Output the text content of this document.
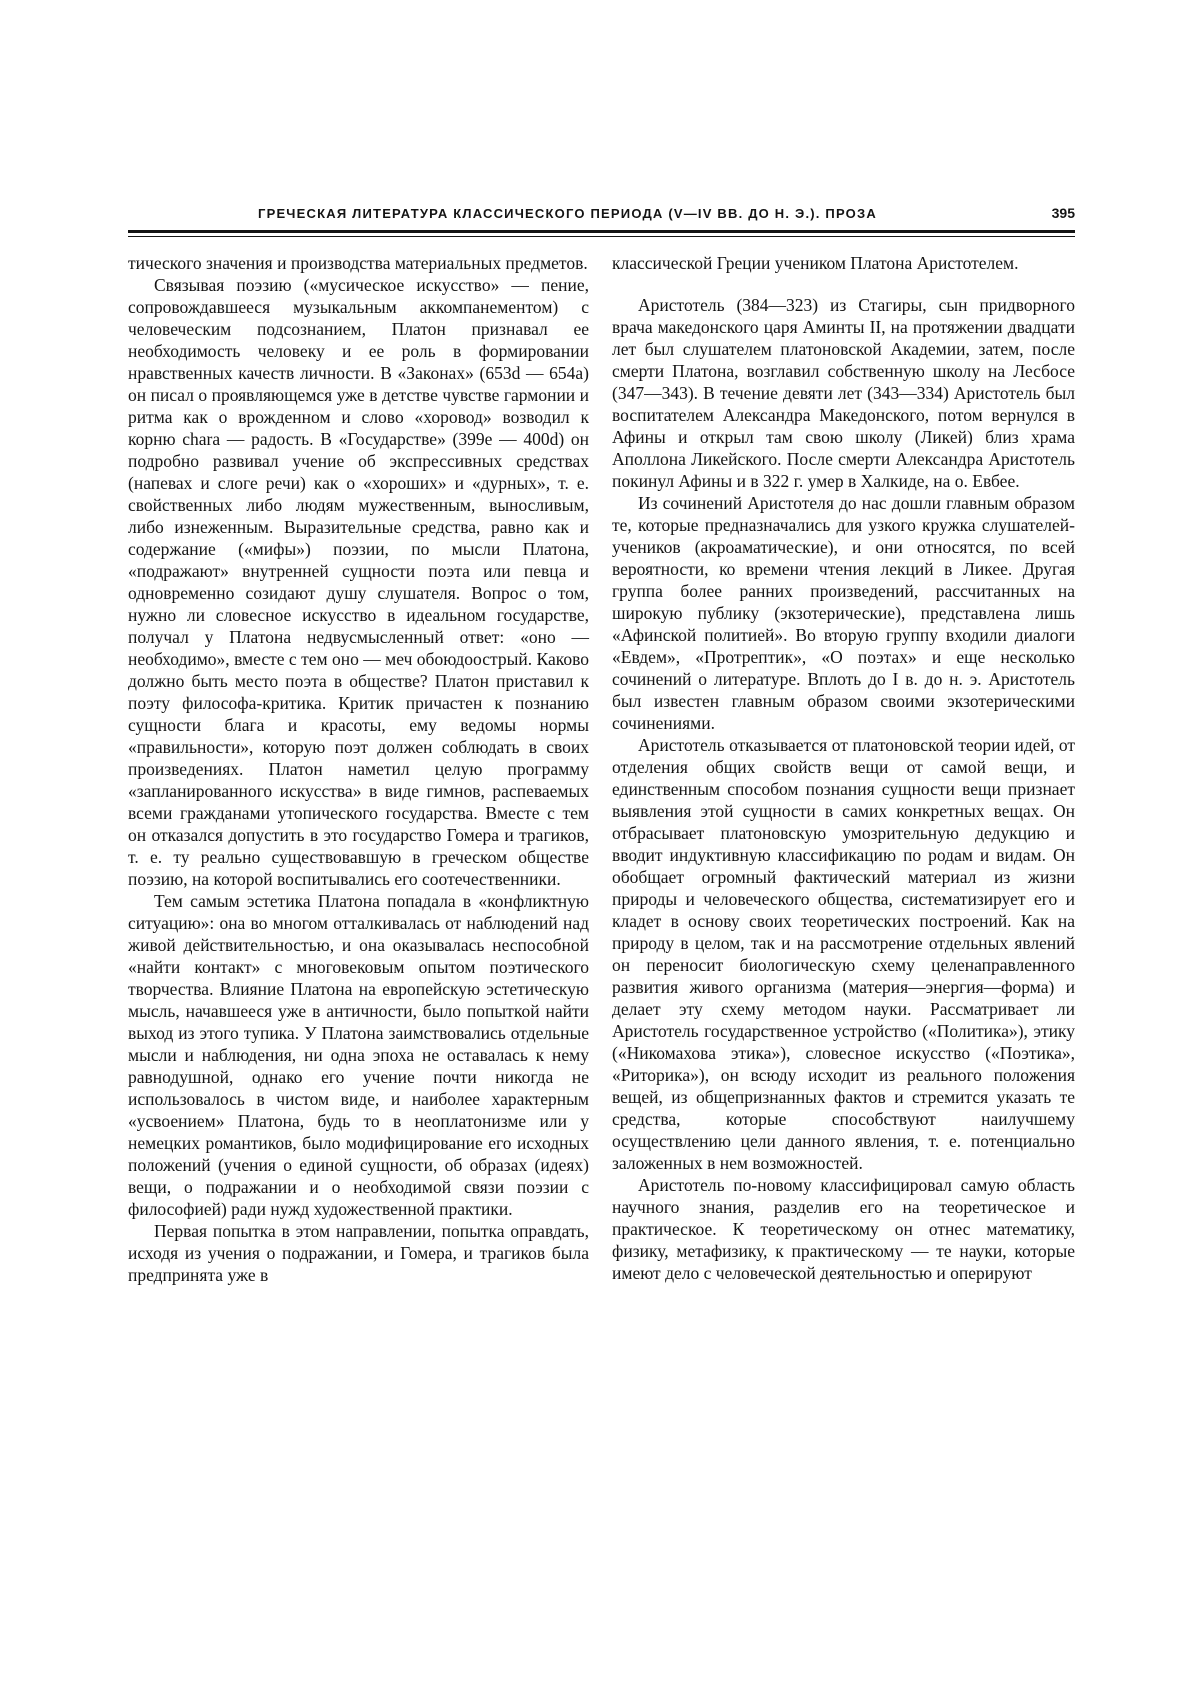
ГРЕЧЕСКАЯ ЛИТЕРАТУРА КЛАССИЧЕСКОГО ПЕРИОДА (V—IV ВВ. ДО Н. Э.). ПРОЗА	395

тического значения и производства материальных предметов.

Связывая поэзию («мусическое искусство» — пение, сопровождавшееся музыкальным аккомпанементом) с человеческим подсознанием, Платон признавал ее необходимость человеку и ее роль в формировании нравственных качеств личности. В «Законах» (653d — 654a) он писал о проявляющемся уже в детстве чувстве гармонии и ритма как о врожденном и слово «хоровод» возводил к корню chara — радость. В «Государстве» (399e — 400d) он подробно развивал учение об экспрессивных средствах (напевах и слоге речи) как о «хороших» и «дурных», т. е. свойственных либо людям мужественным, выносливым, либо изнеженным. Выразительные средства, равно как и содержание («мифы») поэзии, по мысли Платона, «подражают» внутренней сущности поэта или певца и одновременно созидают душу слушателя. Вопрос о том, нужно ли словесное искусство в идеальном государстве, получал у Платона недвусмысленный ответ: «оно — необходимо», вместе с тем оно — меч обоюдоострый. Каково должно быть место поэта в обществе? Платон приставил к поэту философа-критика. Критик причастен к познанию сущности блага и красоты, ему ведомы нормы «правильности», которую поэт должен соблюдать в своих произведениях. Платон наметил целую программу «запланированного искусства» в виде гимнов, распеваемых всеми гражданами утопического государства. Вместе с тем он отказался допустить в это государство Гомера и трагиков, т. е. ту реально существовавшую в греческом обществе поэзию, на которой воспитывались его соотечественники.

Тем самым эстетика Платона попадала в «конфликтную ситуацию»: она во многом отталкивалась от наблюдений над живой действительностью, и она оказывалась неспособной «найти контакт» с многовековым опытом поэтического творчества. Влияние Платона на европейскую эстетическую мысль, начавшееся уже в античности, было попыткой найти выход из этого тупика. У Платона заимствовались отдельные мысли и наблюдения, ни одна эпоха не оставалась к нему равнодушной, однако его учение почти никогда не использовалось в чистом виде, и наиболее характерным «усвоением» Платона, будь то в неоплатонизме или у немецких романтиков, было модифицирование его исходных положений (учения о единой сущности, об образах (идеях) вещи, о подражании и о необходимой связи поэзии с философией) ради нужд художественной практики.

Первая попытка в этом направлении, попытка оправдать, исходя из учения о подражании, и Гомера, и трагиков была предпринята уже в

классической Греции учеником Платона Аристотелем.

Аристотель (384—323) из Стагиры, сын придворного врача македонского царя Аминты II, на протяжении двадцати лет был слушателем платоновской Академии, затем, после смерти Платона, возглавил собственную школу на Лесбосе (347—343). В течение девяти лет (343—334) Аристотель был воспитателем Александра Македонского, потом вернулся в Афины и открыл там свою школу (Ликей) близ храма Аполлона Ликейского. После смерти Александра Аристотель покинул Афины и в 322 г. умер в Халкиде, на о. Евбее.

Из сочинений Аристотеля до нас дошли главным образом те, которые предназначались для узкого кружка слушателей-учеников (акроаматические), и они относятся, по всей вероятности, ко времени чтения лекций в Ликее. Другая группа более ранних произведений, рассчитанных на широкую публику (экзотерические), представлена лишь «Афинской политией». Во вторую группу входили диалоги «Евдем», «Протрептик», «О поэтах» и еще несколько сочинений о литературе. Вплоть до I в. до н. э. Аристотель был известен главным образом своими экзотерическими сочинениями.

Аристотель отказывается от платоновской теории идей, от отделения общих свойств вещи от самой вещи, и единственным способом познания сущности вещи признает выявления этой сущности в самих конкретных вещах. Он отбрасывает платоновскую умозрительную дедукцию и вводит индуктивную классификацию по родам и видам. Он обобщает огромный фактический материал из жизни природы и человеческого общества, систематизирует его и кладет в основу своих теоретических построений. Как на природу в целом, так и на рассмотрение отдельных явлений он переносит биологическую схему целенаправленного развития живого организма (материя—энергия—форма) и делает эту схему методом науки. Рассматривает ли Аристотель государственное устройство («Политика»), этику («Никомахова этика»), словесное искусство («Поэтика», «Риторика»), он всюду исходит из реального положения вещей, из общепризнанных фактов и стремится указать те средства, которые способствуют наилучшему осуществлению цели данного явления, т. е. потенциально заложенных в нем возможностей.

Аристотель по-новому классифицировал самую область научного знания, разделив его на теоретическое и практическое. К теоретическому он отнес математику, физику, метафизику, к практическому — те науки, которые имеют дело с человеческой деятельностью и оперируют
